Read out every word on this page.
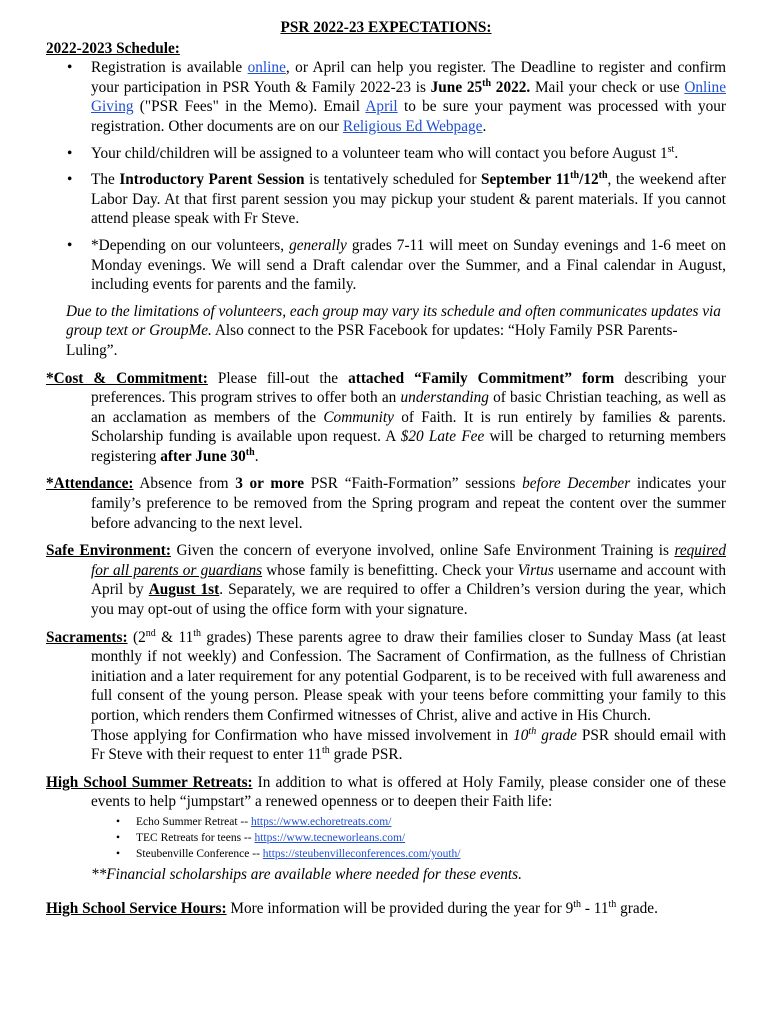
PSR 2022-23 EXPECTATIONS:

2022-2023 Schedule:

• Registration is available online, or April can help you register. The Deadline to register and confirm your participation in PSR Youth & Family 2022-23 is June 25th 2022. Mail your check or use Online Giving ("PSR Fees" in the Memo). Email April to be sure your payment was processed with your registration. Other documents are on our Religious Ed Webpage.
• Your child/children will be assigned to a volunteer team who will contact you before August 1st.
• The Introductory Parent Session is tentatively scheduled for September 11th/12th, the weekend after Labor Day. At that first parent session you may pickup your student & parent materials. If you cannot attend please speak with Fr Steve.
• *Depending on our volunteers, generally grades 7-11 will meet on Sunday evenings and 1-6 meet on Monday evenings. We will send a Draft calendar over the Summer, and a Final calendar in August, including events for parents and the family.

Due to the limitations of volunteers, each group may vary its schedule and often communicates updates via group text or GroupMe. Also connect to the PSR Facebook for updates: “Holy Family PSR Parents-Luling”.

*Cost & Commitment: Please fill-out the attached “Family Commitment” form describing your preferences. This program strives to offer both an understanding of basic Christian teaching, as well as an acclamation as members of the Community of Faith. It is run entirely by families & parents. Scholarship funding is available upon request. A $20 Late Fee will be charged to returning members registering after June 30th.

*Attendance: Absence from 3 or more PSR “Faith-Formation” sessions before December indicates your family’s preference to be removed from the Spring program and repeat the content over the summer before advancing to the next level.

Safe Environment: Given the concern of everyone involved, online Safe Environment Training is required for all parents or guardians whose family is benefitting. Check your Virtus username and account with April by August 1st. Separately, we are required to offer a Children’s version during the year, which you may opt-out of using the office form with your signature.

Sacraments: (2nd & 11th grades) These parents agree to draw their families closer to Sunday Mass (at least monthly if not weekly) and Confession. The Sacrament of Confirmation, as the fullness of Christian initiation and a later requirement for any potential Godparent, is to be received with full awareness and full consent of the young person. Please speak with your teens before committing your family to this portion, which renders them Confirmed witnesses of Christ, alive and active in His Church.

Those applying for Confirmation who have missed involvement in 10th grade PSR should email with Fr Steve with their request to enter 11th grade PSR.

High School Summer Retreats: In addition to what is offered at Holy Family, please consider one of these events to help “jumpstart” a renewed openness or to deepen their Faith life:

• Echo Summer Retreat -- https://www.echoretreats.com/
• TEC Retreats for teens -- https://www.tecneworleans.com/
• Steubenville Conference -- https://steubenvilleconferences.com/youth/

**Financial scholarships are available where needed for these events.

High School Service Hours: More information will be provided during the year for 9th - 11th grade.
